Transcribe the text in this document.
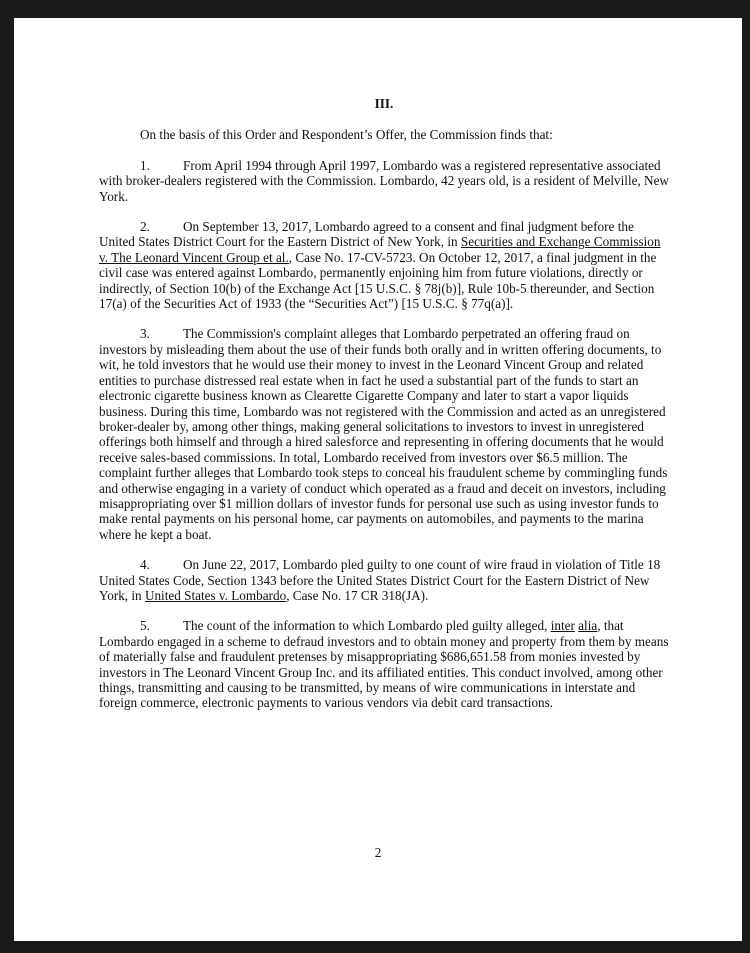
III.

On the basis of this Order and Respondent’s Offer, the Commission finds that:

1.	From April 1994 through April 1997, Lombardo was a registered representative associated with broker-dealers registered with the Commission. Lombardo, 42 years old, is a resident of Melville, New York.

2.	On September 13, 2017, Lombardo agreed to a consent and final judgment before the United States District Court for the Eastern District of New York, in Securities and Exchange Commission v. The Leonard Vincent Group et al., Case No. 17-CV-5723. On October 12, 2017, a final judgment in the civil case was entered against Lombardo, permanently enjoining him from future violations, directly or indirectly, of Section 10(b) of the Exchange Act [15 U.S.C. § 78j(b)], Rule 10b-5 thereunder, and Section 17(a) of the Securities Act of 1933 (the “Securities Act”) [15 U.S.C. § 77q(a)].

3.	The Commission's complaint alleges that Lombardo perpetrated an offering fraud on investors by misleading them about the use of their funds both orally and in written offering documents, to wit, he told investors that he would use their money to invest in the Leonard Vincent Group and related entities to purchase distressed real estate when in fact he used a substantial part of the funds to start an electronic cigarette business known as Clearette Cigarette Company and later to start a vapor liquids business. During this time, Lombardo was not registered with the Commission and acted as an unregistered broker-dealer by, among other things, making general solicitations to investors to invest in unregistered offerings both himself and through a hired salesforce and representing in offering documents that he would receive sales-based commissions. In total, Lombardo received from investors over $6.5 million. The complaint further alleges that Lombardo took steps to conceal his fraudulent scheme by commingling funds and otherwise engaging in a variety of conduct which operated as a fraud and deceit on investors, including misappropriating over $1 million dollars of investor funds for personal use such as using investor funds to make rental payments on his personal home, car payments on automobiles, and payments to the marina where he kept a boat.

4.	On June 22, 2017, Lombardo pled guilty to one count of wire fraud in violation of Title 18 United States Code, Section 1343 before the United States District Court for the Eastern District of New York, in United States v. Lombardo, Case No. 17 CR 318(JA).

5.	The count of the information to which Lombardo pled guilty alleged, inter alia, that Lombardo engaged in a scheme to defraud investors and to obtain money and property from them by means of materially false and fraudulent pretenses by misappropriating $686,651.58 from monies invested by investors in The Leonard Vincent Group Inc. and its affiliated entities. This conduct involved, among other things, transmitting and causing to be transmitted, by means of wire communications in interstate and foreign commerce, electronic payments to various vendors via debit card transactions.

2
